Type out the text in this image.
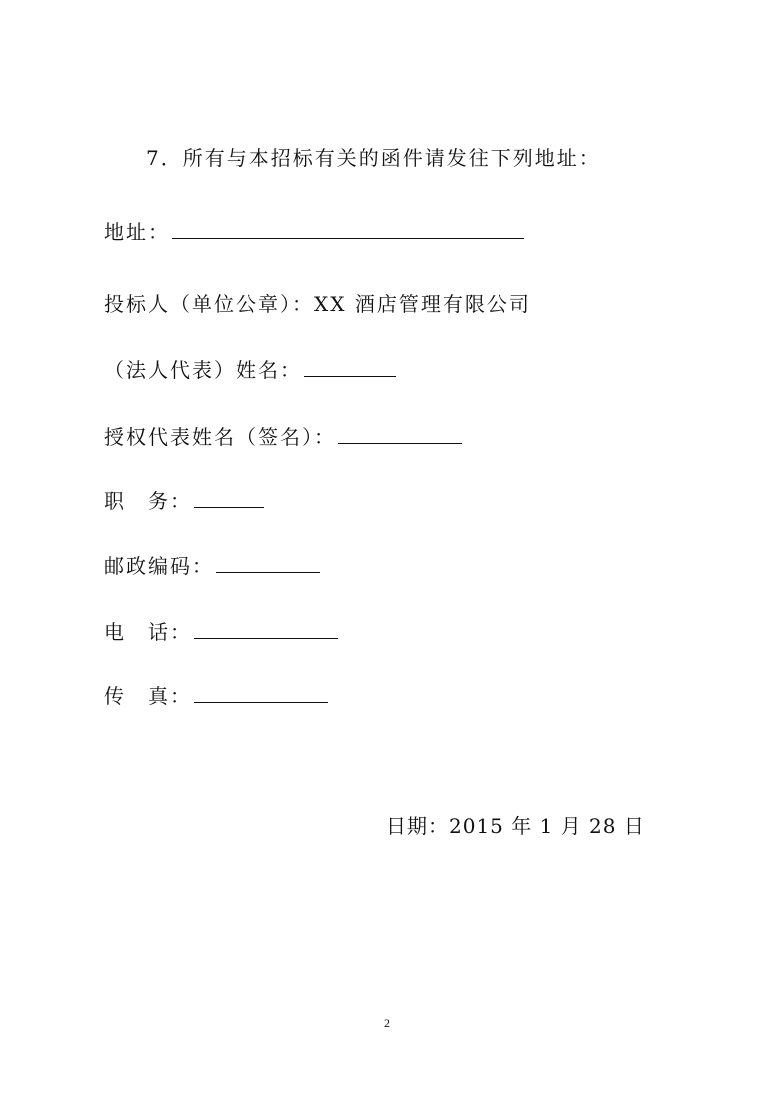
7．所有与本招标有关的函件请发往下列地址：
地址：
投标人（单位公章）：XX 酒店管理有限公司
（法人代表）姓名：
授权代表姓名（签名）：
职　务：
邮政编码：
电　话：
传　真：
日期：2015 年 1 月 28 日
2
